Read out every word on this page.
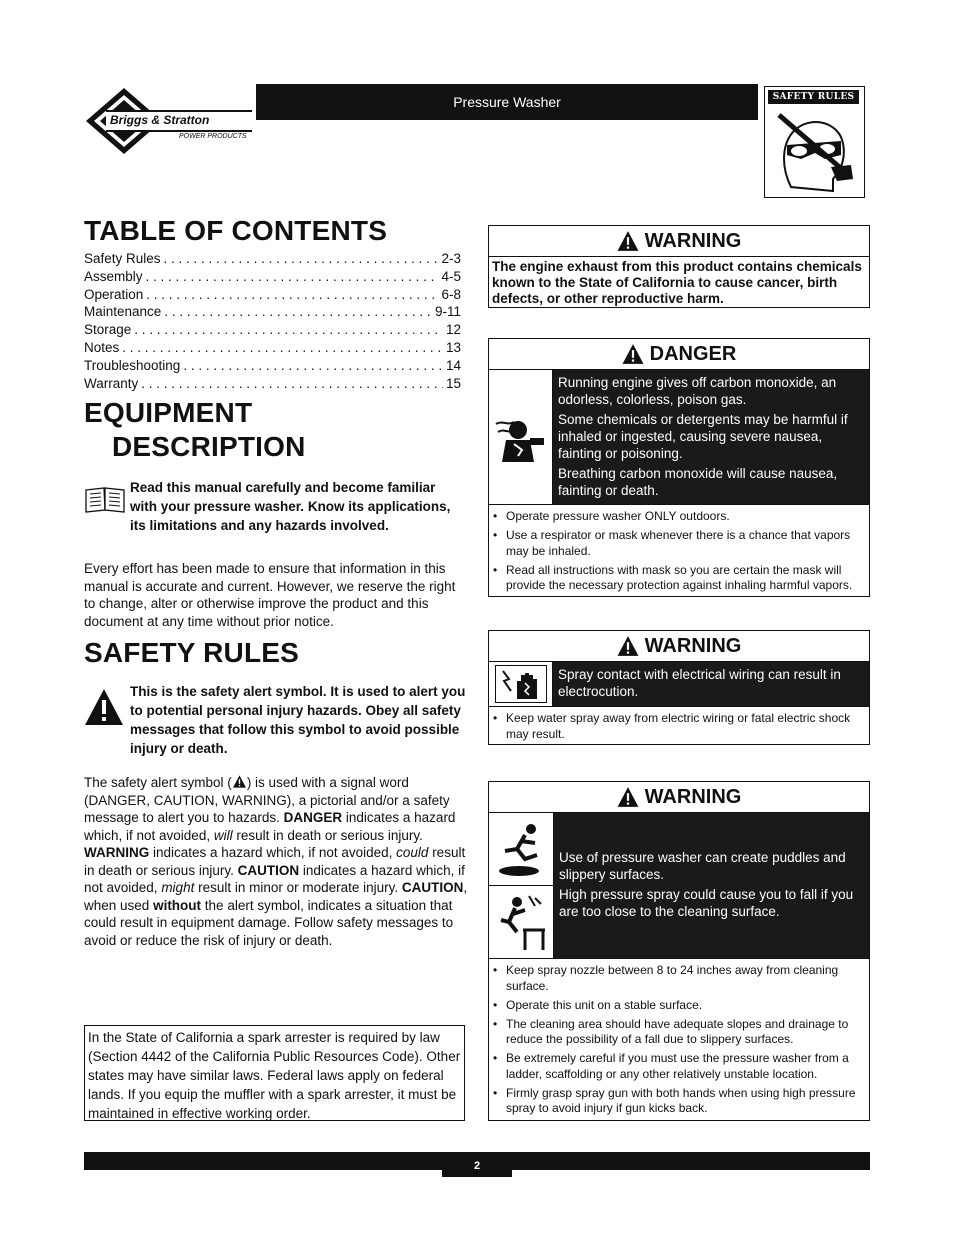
Briggs & Stratton
POWER PRODUCTS
Pressure Washer	SAFETY RULES
TABLE OF CONTENTS
Safety Rules . . .	2-3
Assembly . . .	4-5
Operation . . .	6-8
Maintenance . . .	9-11
Storage . . .	12
Notes . . .	13
Troubleshooting . . .	14
Warranty . . .	15
EQUIPMENT
DESCRIPTION
Read this manual carefully and become familiar with your pressure washer. Know its applications, its limitations and any hazards involved.
Every effort has been made to ensure that information in this manual is accurate and current. However, we reserve the right to change, alter or otherwise improve the product and this document at any time without prior notice.
SAFETY RULES
This is the safety alert symbol. It is used to alert you to potential personal injury hazards. Obey all safety messages that follow this symbol to avoid possible injury or death.
The safety alert symbol ( ) is used with a signal word (DANGER, CAUTION, WARNING), a pictorial and/or a safety message to alert you to hazards. DANGER indicates a hazard which, if not avoided, will result in death or serious injury. WARNING indicates a hazard which, if not avoided, could result in death or serious injury. CAUTION indicates a hazard which, if not avoided, might result in minor or moderate injury. CAUTION, when used without the alert symbol, indicates a situation that could result in equipment damage. Follow safety messages to avoid or reduce the risk of injury or death.
In the State of California a spark arrester is required by law (Section 4442 of the California Public Resources Code). Other states may have similar laws. Federal laws apply on federal lands. If you equip the muffler with a spark arrester, it must be maintained in effective working order.
WARNING
The engine exhaust from this product contains chemicals known to the State of California to cause cancer, birth defects, or other reproductive harm.
DANGER

Running engine gives off carbon monoxide, an odorless, colorless, poison gas.

Some chemicals or detergents may be harmful if inhaled or ingested, causing severe nausea, fainting or poisoning.

Breathing carbon monoxide will cause nausea, fainting or death.

• Operate pressure washer ONLY outdoors.
• Use a respirator or mask whenever there is a chance that vapors may be inhaled.
• Read all instructions with mask so you are certain the mask will provide the necessary protection against inhaling harmful vapors.
WARNING
Spray contact with electrical wiring can result in electrocution.
• Keep water spray away from electric wiring or fatal electric shock may result.
WARNING

Use of pressure washer can create puddles and slippery surfaces.

High pressure spray could cause you to fall if you are too close to the cleaning surface.

• Keep spray nozzle between 8 to 24 inches away from cleaning surface.
• Operate this unit on a stable surface.
• The cleaning area should have adequate slopes and drainage to reduce the possibility of a fall due to slippery surfaces.
• Be extremely careful if you must use the pressure washer from a ladder, scaffolding or any other relatively unstable location.
• Firmly grasp spray gun with both hands when using high pressure spray to avoid injury if gun kicks back.
2
